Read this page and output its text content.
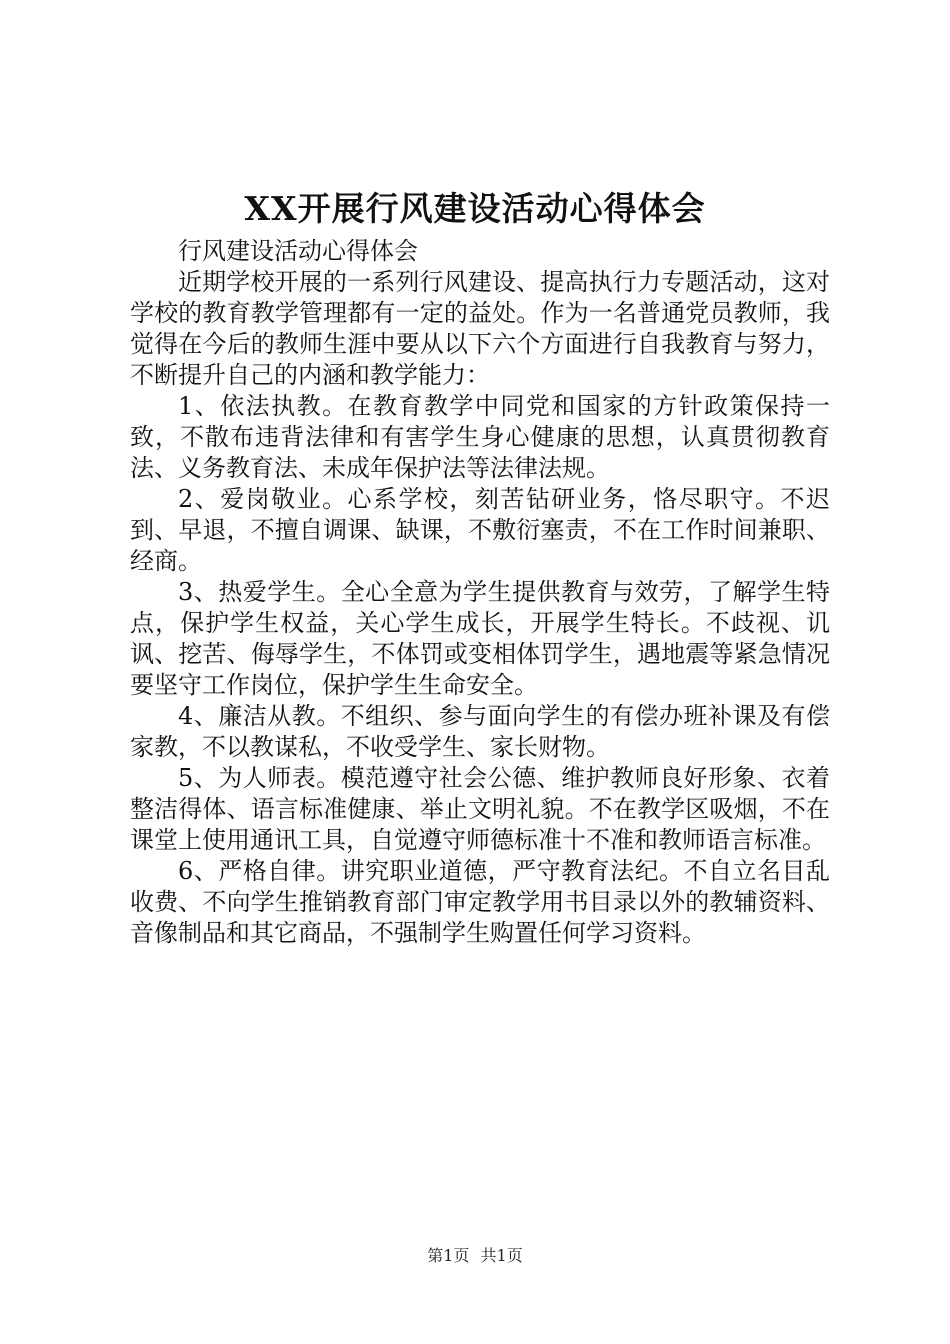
XX开展行风建设活动心得体会

行风建设活动心得体会

近期学校开展的一系列行风建设、提高执行力专题活动，这对学校的教育教学管理都有一定的益处。作为一名普通党员教师，我觉得在今后的教师生涯中要从以下六个方面进行自我教育与努力，不断提升自己的内涵和教学能力：

1、依法执教。在教育教学中同党和国家的方针政策保持一致，不散布违背法律和有害学生身心健康的思想，认真贯彻教育法、义务教育法、未成年保护法等法律法规。

2、爱岗敬业。心系学校，刻苦钻研业务，恪尽职守。不迟到、早退，不擅自调课、缺课，不敷衍塞责，不在工作时间兼职、经商。

3、热爱学生。全心全意为学生提供教育与效劳，了解学生特点，保护学生权益，关心学生成长，开展学生特长。不歧视、讥讽、挖苦、侮辱学生，不体罚或变相体罚学生，遇地震等紧急情况要坚守工作岗位，保护学生生命安全。

4、廉洁从教。不组织、参与面向学生的有偿办班补课及有偿家教，不以教谋私，不收受学生、家长财物。

5、为人师表。模范遵守社会公德、维护教师良好形象、衣着整洁得体、语言标准健康、举止文明礼貌。不在教学区吸烟，不在课堂上使用通讯工具，自觉遵守师德标准十不准和教师语言标准。

6、严格自律。讲究职业道德，严守教育法纪。不自立名目乱收费、不向学生推销教育部门审定教学用书目录以外的教辅资料、音像制品和其它商品，不强制学生购置任何学习资料。

第1页 共1页
